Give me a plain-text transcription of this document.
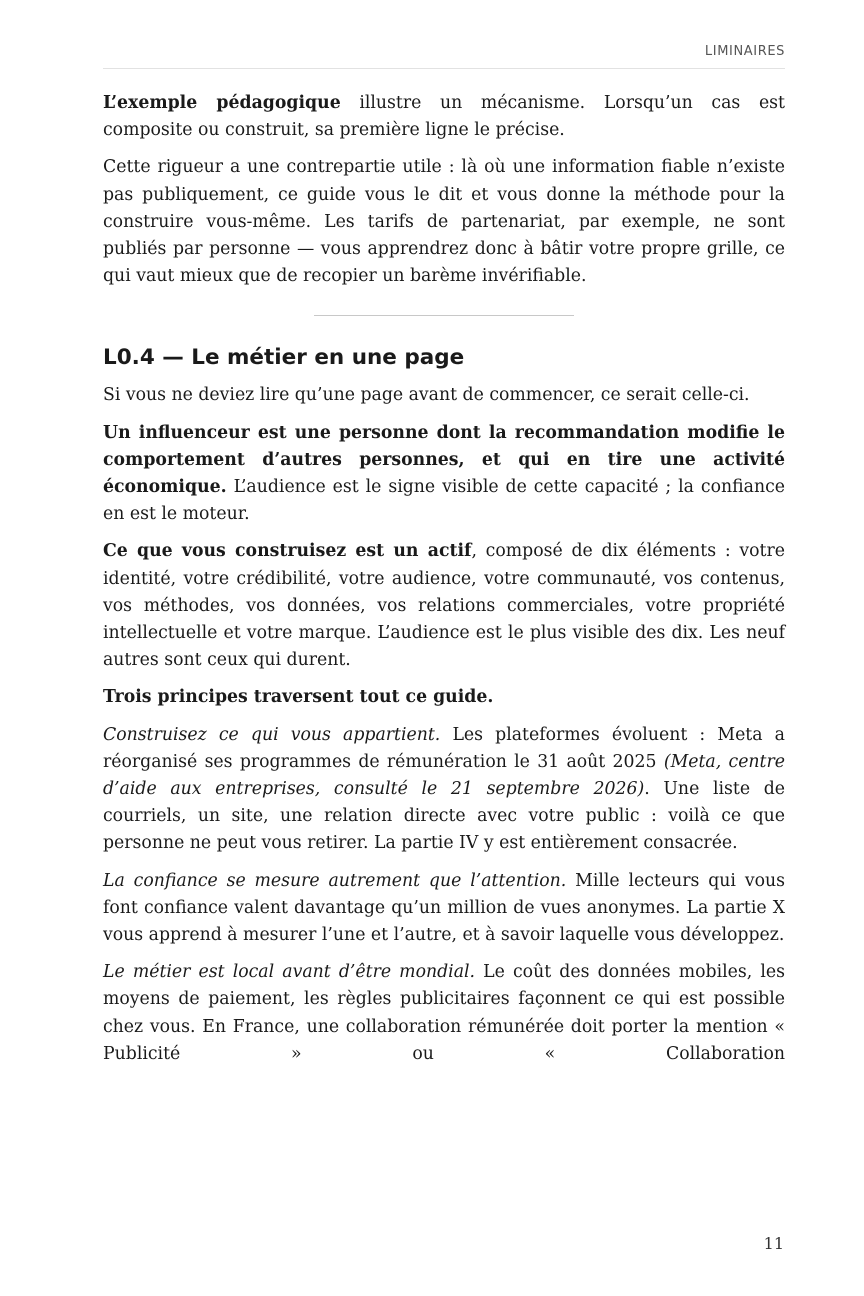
LIMINAIRES

L’exemple pédagogique illustre un mécanisme. Lorsqu’un cas est composite ou construit, sa première ligne le précise.

Cette rigueur a une contrepartie utile : là où une information fiable n’existe pas publiquement, ce guide vous le dit et vous donne la méthode pour la construire vous-même. Les tarifs de partenariat, par exemple, ne sont publiés par personne — vous apprendrez donc à bâtir votre propre grille, ce qui vaut mieux que de recopier un barème invérifiable.

L0.4 — Le métier en une page

Si vous ne deviez lire qu’une page avant de commencer, ce serait celle-ci.

Un influenceur est une personne dont la recommandation modifie le comportement d’autres personnes, et qui en tire une activité économique. L’audience est le signe visible de cette capacité ; la confiance en est le moteur.

Ce que vous construisez est un actif, composé de dix éléments : votre identité, votre crédibilité, votre audience, votre communauté, vos contenus, vos méthodes, vos données, vos relations commerciales, votre propriété intellectuelle et votre marque. L’audience est le plus visible des dix. Les neuf autres sont ceux qui durent.

Trois principes traversent tout ce guide.

Construisez ce qui vous appartient. Les plateformes évoluent : Meta a réorganisé ses programmes de rémunération le 31 août 2025 (Meta, centre d’aide aux entreprises, consulté le 21 septembre 2026). Une liste de courriels, un site, une relation directe avec votre public : voilà ce que personne ne peut vous retirer. La partie IV y est entièrement consacrée.

La confiance se mesure autrement que l’attention. Mille lecteurs qui vous font confiance valent davantage qu’un million de vues anonymes. La partie X vous apprend à mesurer l’une et l’autre, et à savoir laquelle vous développez.

Le métier est local avant d’être mondial. Le coût des données mobiles, les moyens de paiement, les règles publicitaires façonnent ce qui est possible chez vous. En France, une collaboration rémunérée doit porter la mention « Publicité » ou « Collaboration

11
